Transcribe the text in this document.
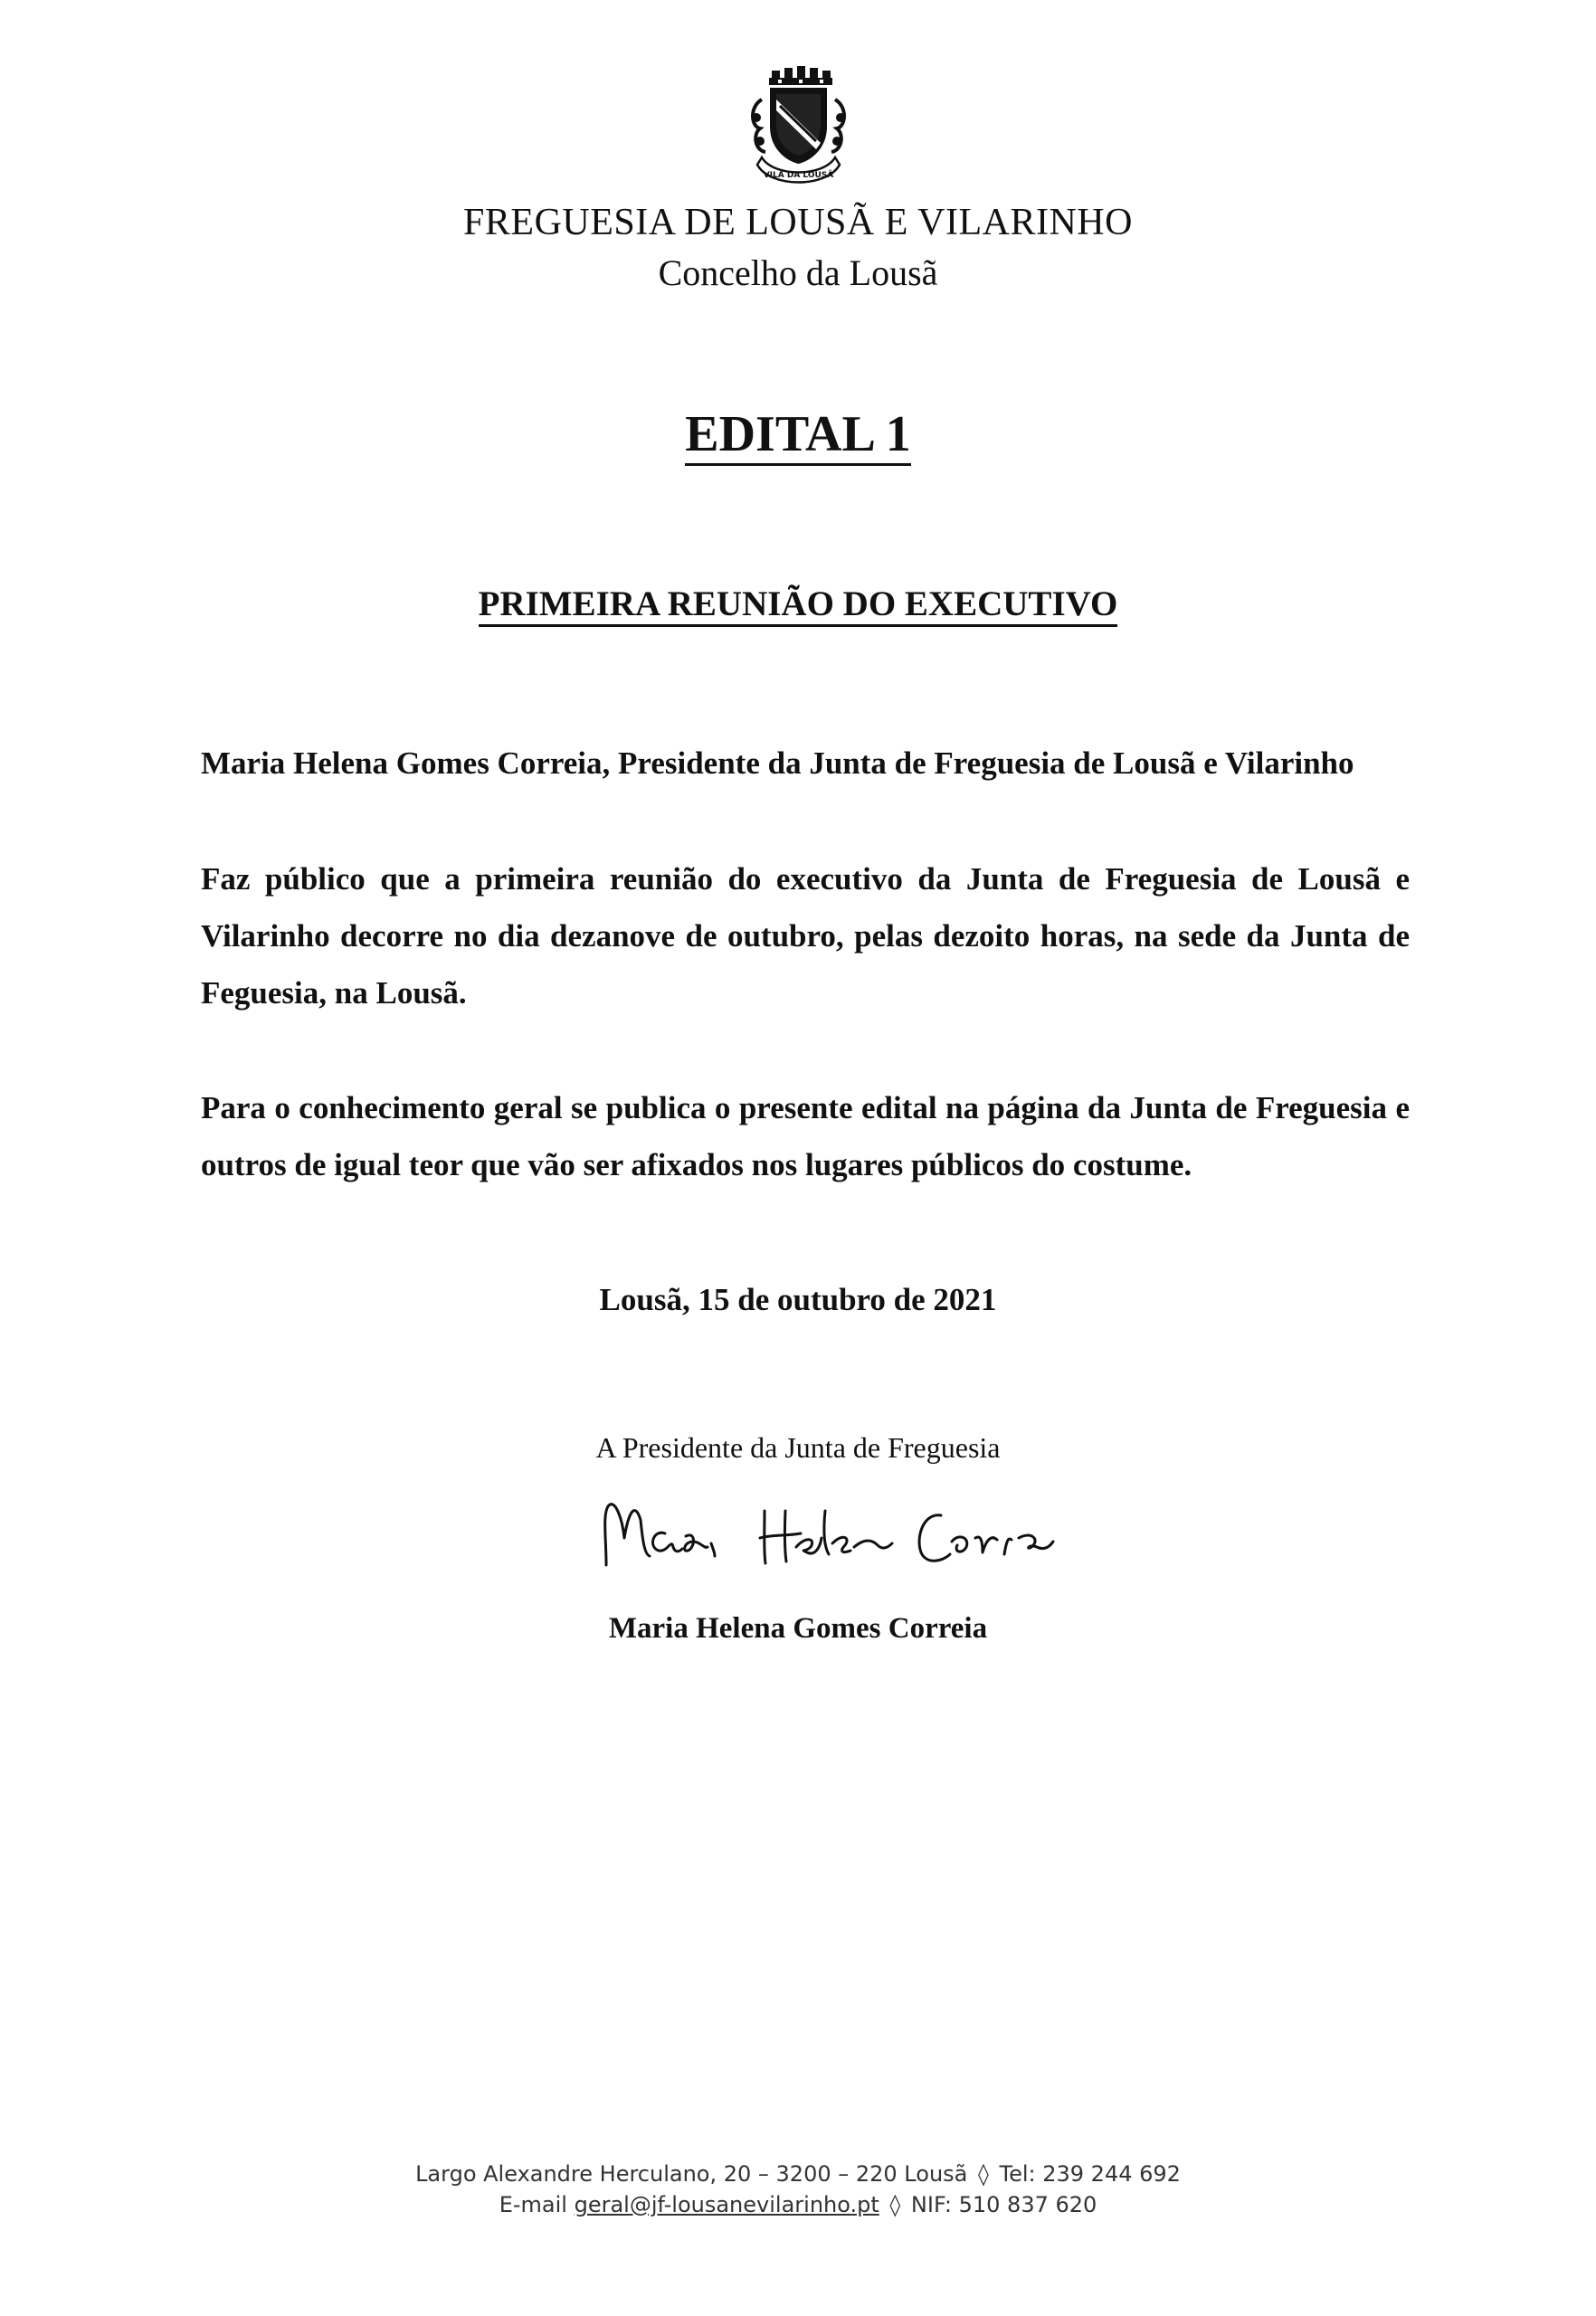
VILA DA LOUSÃ
FREGUESIA DE LOUSÃ E VILARINHO
Concelho da Lousã
EDITAL 1
PRIMEIRA REUNIÃO DO EXECUTIVO
Maria Helena Gomes Correia, Presidente da Junta de Freguesia de Lousã e Vilarinho
Faz público que a primeira reunião do executivo da Junta de Freguesia de Lousã e Vilarinho decorre no dia dezanove de outubro, pelas dezoito horas, na sede da Junta de Feguesia, na Lousã.
Para o conhecimento geral se publica o presente edital na página da Junta de Freguesia e outros de igual teor que vão ser afixados nos lugares públicos do costume.
Lousã, 15 de outubro de 2021
A Presidente da Junta de Freguesia
Maria Helena Gomes Correia
Largo Alexandre Herculano, 20 – 3200 – 220 Lousã ◊ Tel: 239 244 692
E-mail geral@jf-lousanevilarinho.pt ◊ NIF: 510 837 620
